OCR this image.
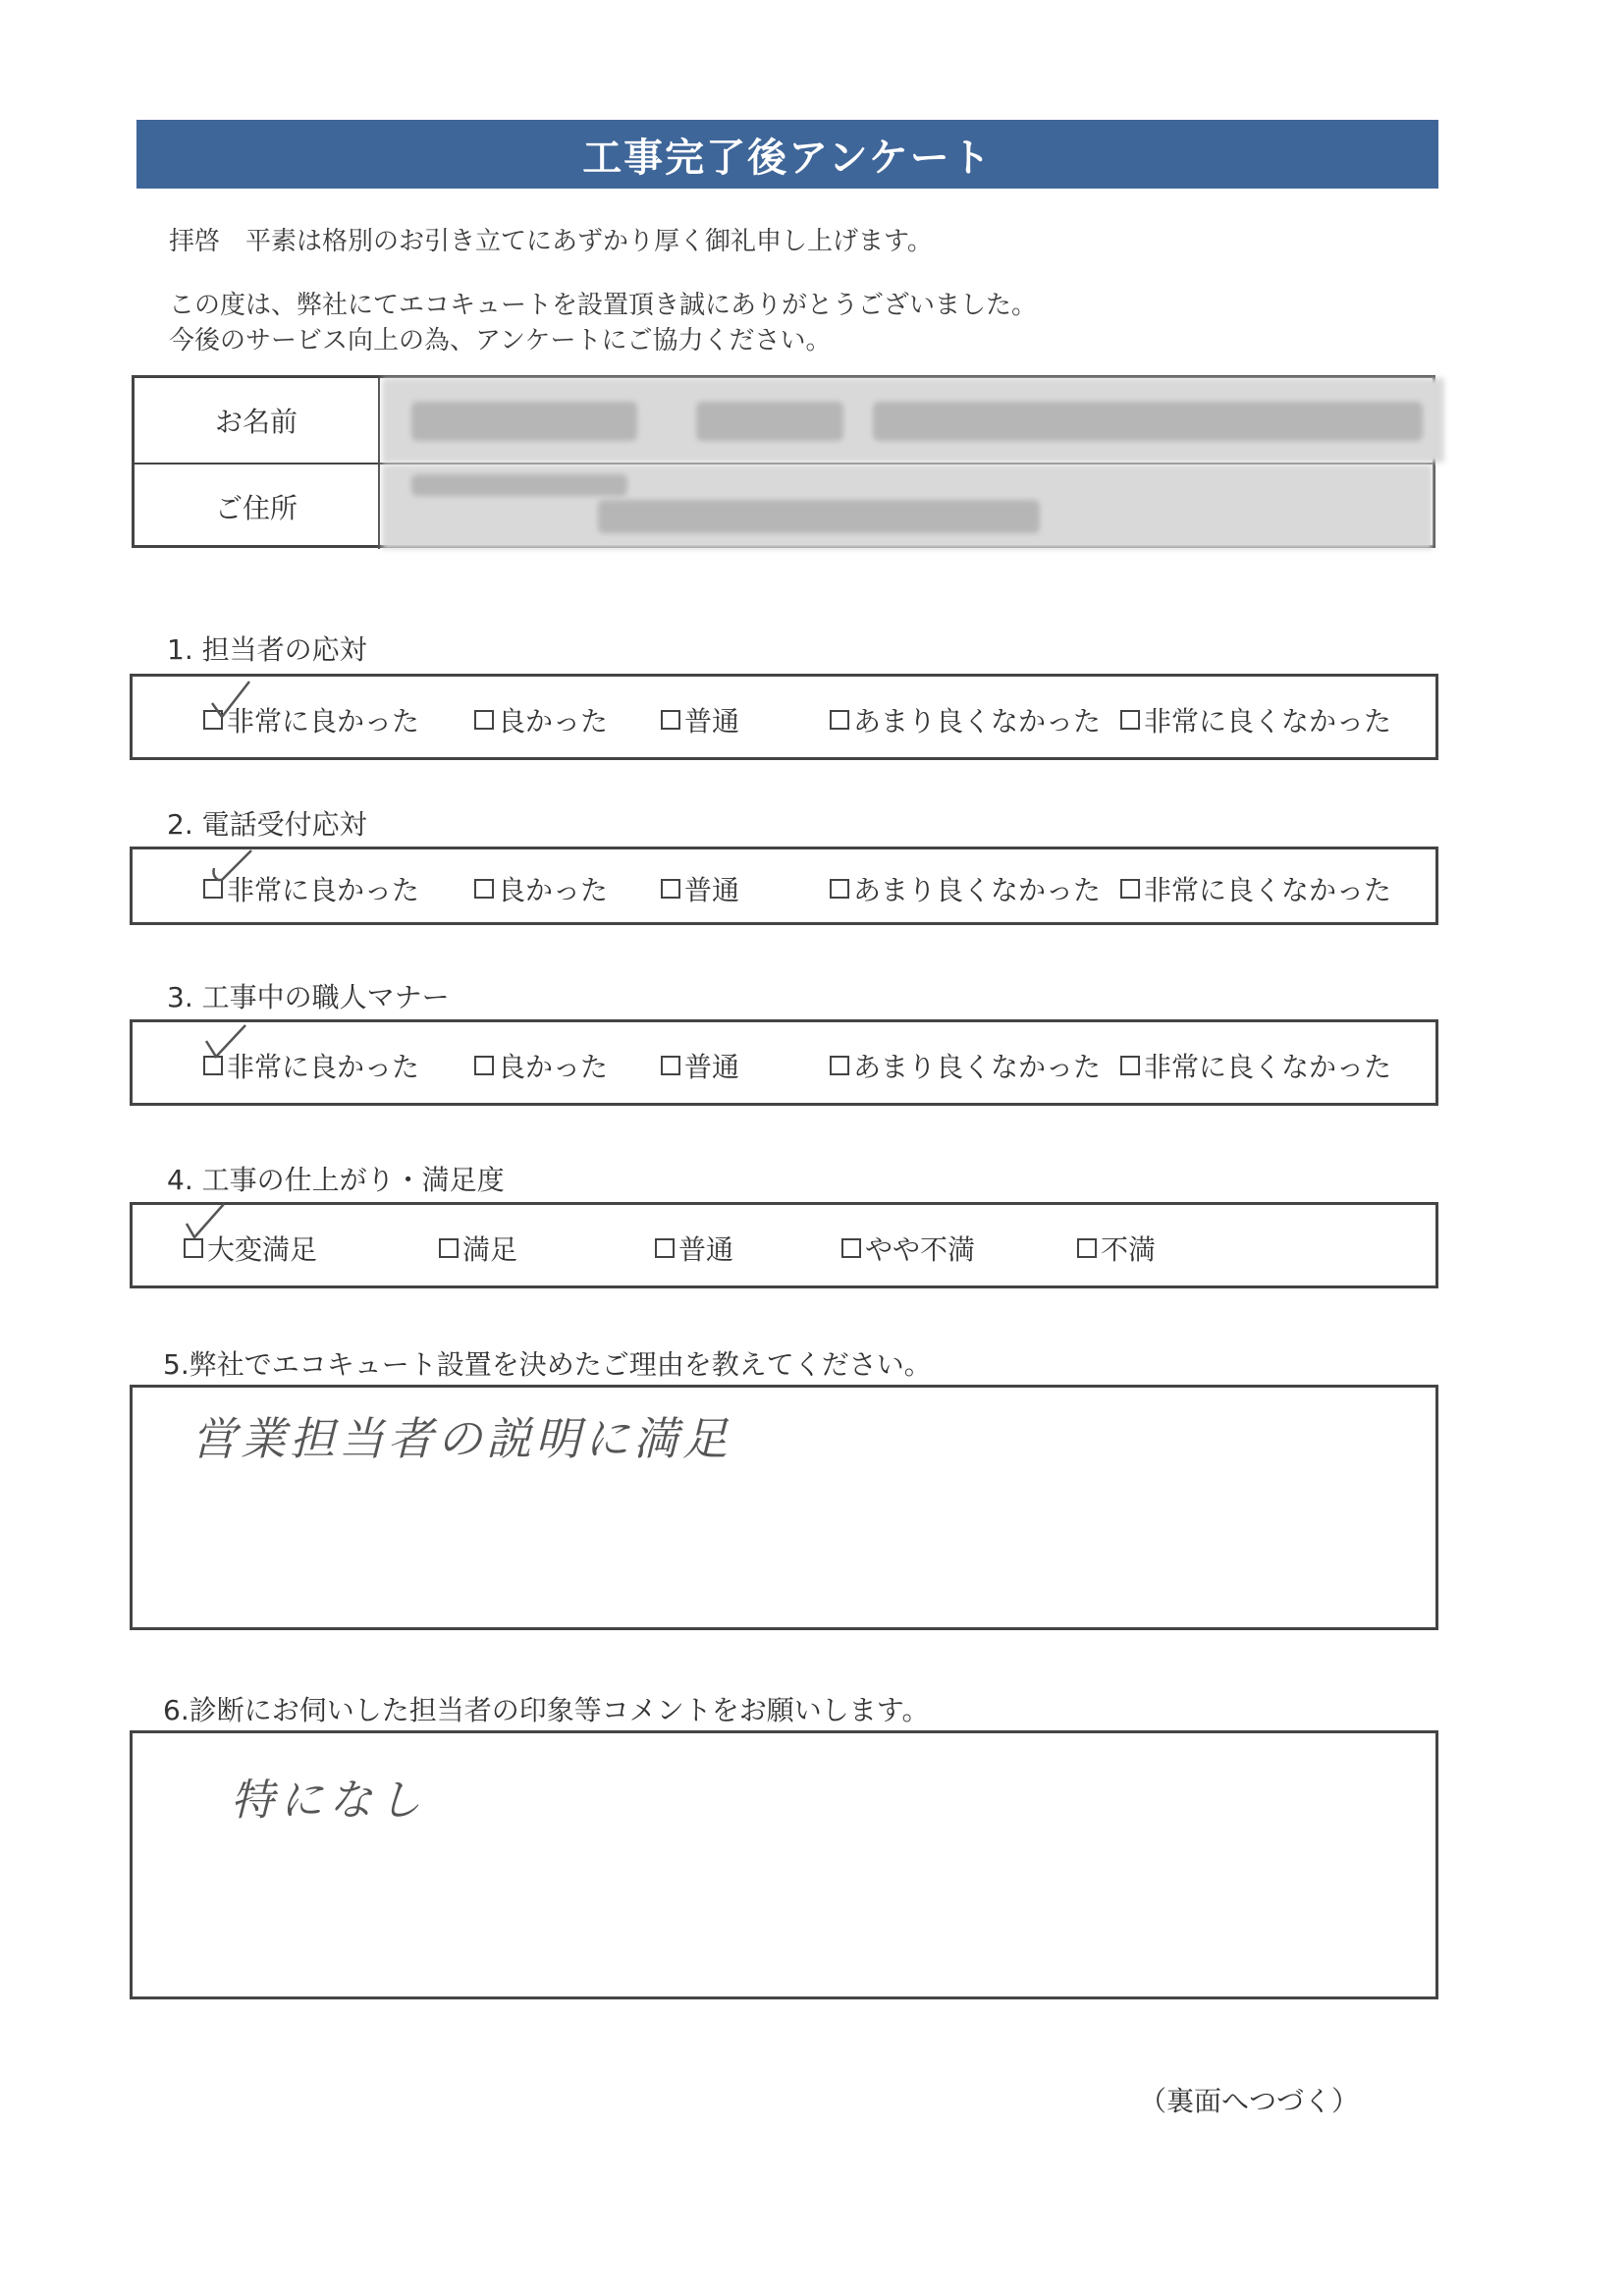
工事完了後アンケート
拝啓　平素は格別のお引き立てにあずかり厚く御礼申し上げます。
この度は、弊社にてエコキュートを設置頂き誠にありがとうございました。
今後のサービス向上の為、アンケートにご協力ください。
お名前
ご住所
1. 担当者の応対
非常に良かった	良かった	普通	あまり良くなかった 非常に良くなかった
2. 電話受付応対
非常に良かった	良かった	普通	あまり良くなかった 非常に良くなかった
3. 工事中の職人マナー
非常に良かった	良かった	普通	あまり良くなかった 非常に良くなかった
4. 工事の仕上がり・満足度
大変満足	満足	普通	やや不満	不満
5.弊社でエコキュート設置を決めたご理由を教えてください。
営業担当者の説明に満足
6.診断にお伺いした担当者の印象等コメントをお願いします。
特になし
（裏面へつづく）
